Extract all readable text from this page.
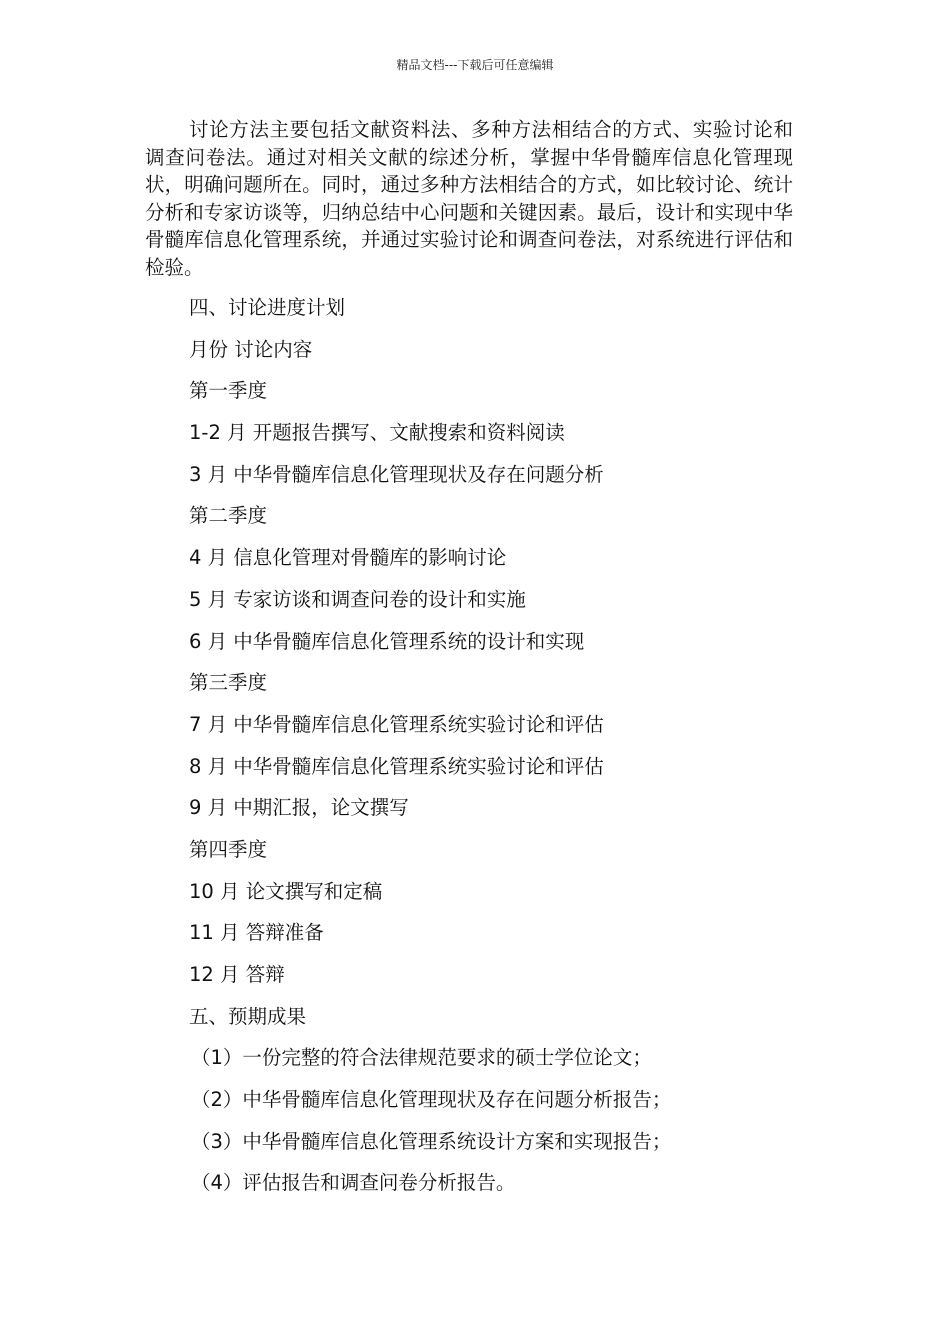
精品文档---下载后可任意编辑
讨论方法主要包括文献资料法、多种方法相结合的方式、实验讨论和调查问卷法。通过对相关文献的综述分析，掌握中华骨髓库信息化管理现状，明确问题所在。同时，通过多种方法相结合的方式，如比较讨论、统计分析和专家访谈等，归纳总结中心问题和关键因素。最后，设计和实现中华骨髓库信息化管理系统，并通过实验讨论和调查问卷法，对系统进行评估和检验。
四、讨论进度计划
月份 讨论内容
第一季度
1-2 月 开题报告撰写、文献搜索和资料阅读
3 月 中华骨髓库信息化管理现状及存在问题分析
第二季度
4 月 信息化管理对骨髓库的影响讨论
5 月 专家访谈和调查问卷的设计和实施
6 月 中华骨髓库信息化管理系统的设计和实现
第三季度
7 月 中华骨髓库信息化管理系统实验讨论和评估
8 月 中华骨髓库信息化管理系统实验讨论和评估
9 月 中期汇报，论文撰写
第四季度
10 月 论文撰写和定稿
11 月 答辩准备
12 月 答辩
五、预期成果
（1）一份完整的符合法律规范要求的硕士学位论文；
（2）中华骨髓库信息化管理现状及存在问题分析报告；
（3）中华骨髓库信息化管理系统设计方案和实现报告；
（4）评估报告和调查问卷分析报告。
